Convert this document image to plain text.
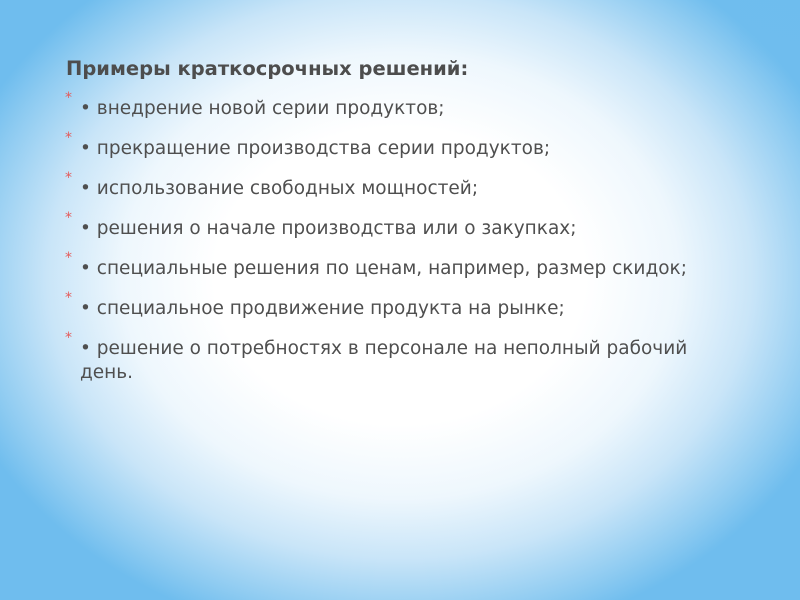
Примеры краткосрочных решений:
* • внедрение новой серии продуктов;
* • прекращение производства серии продуктов;
* • использование свободных мощностей;
* • решения о начале производства или о закупках;
* • специальные решения по ценам, например, размер скидок;
* • специальное продвижение продукта на рынке;
* • решение о потребностях в персонале на неполный рабочий день.
